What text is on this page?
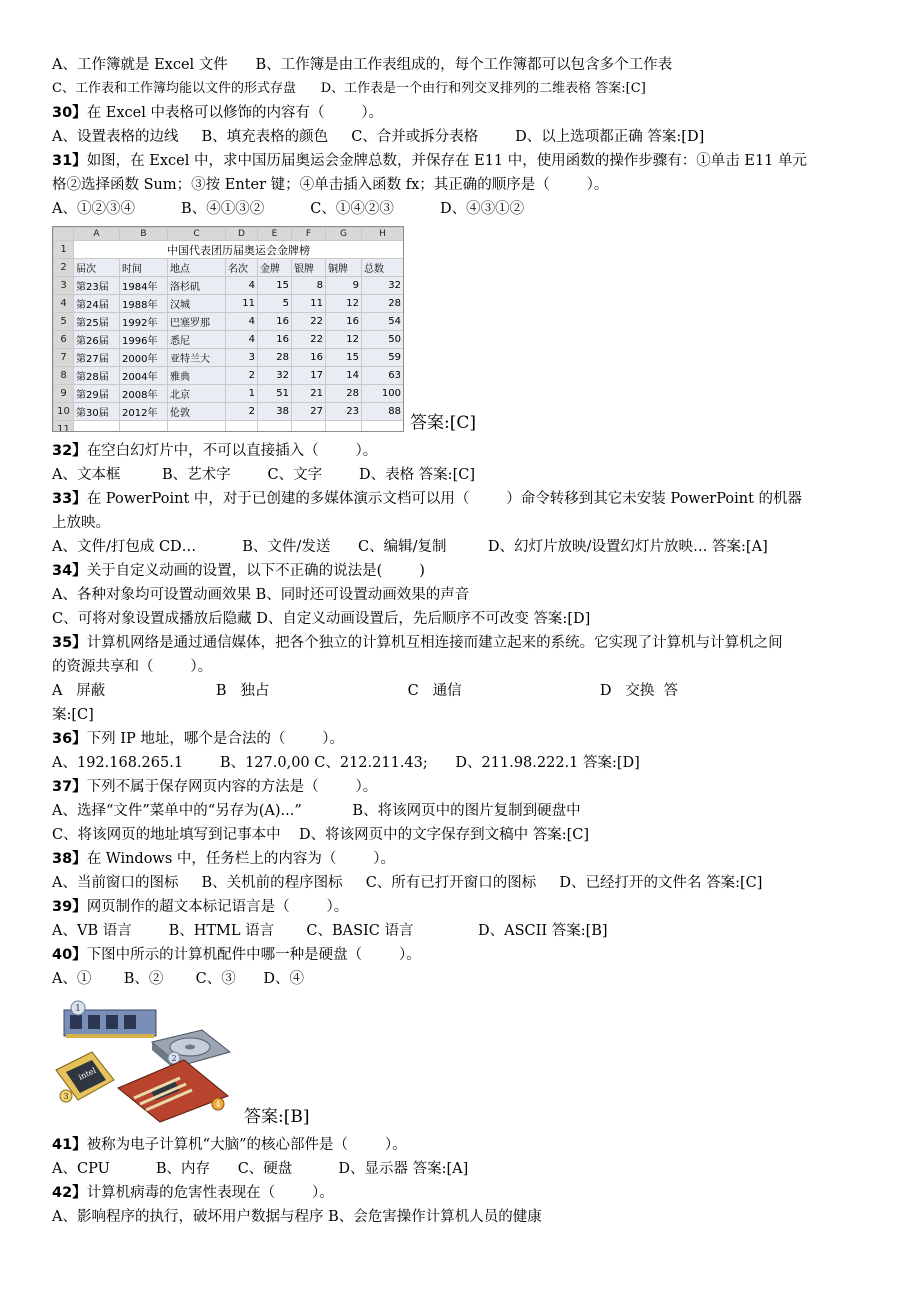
A、工作簿就是 Excel 文件      B、工作簿是由工作表组成的，每个工作簿都可以包含多个工作表
C、工作表和工作簿均能以文件的形式存盘      D、工作表是一个由行和列交叉排列的二维表格 答案:[C]
30】在 Excel 中表格可以修饰的内容有（        ）。
A、设置表格的边线     B、填充表格的颜色     C、合并或拆分表格        D、以上选项都正确 答案:[D]
31】如图，在 Excel 中，求中国历届奥运会金牌总数，并保存在 E11 中，使用函数的操作步骤有：①单击 E11 单元
格②选择函数 Sum；③按 Enter 键；④单击插入函数 fx；其正确的顺序是（        ）。
A、①②③④          B、④①③②          C、①④②③          D、④③①②
32】在空白幻灯片中，不可以直接插入（        ）。
A、文本框         B、艺术字        C、文字        D、表格 答案:[C]
33】在 PowerPoint 中，对于已创建的多媒体演示文档可以用（        ）命令转移到其它未安装 PowerPoint 的机器
上放映。
A、文件/打包成 CD…          B、文件/发送      C、编辑/复制         D、幻灯片放映/设置幻灯片放映… 答案:[A]
34】关于自定义动画的设置，以下不正确的说法是(        )
A、各种对象均可设置动画效果 B、同时还可设置动画效果的声音
C、可将对象设置成播放后隐藏 D、自定义动画设置后，先后顺序不可改变 答案:[D]
35】计算机网络是通过通信媒体，把各个独立的计算机互相连接而建立起来的系统。它实现了计算机与计算机之间
的资源共享和（        ）。
A   屏蔽                        B   独占                              C   通信                              D   交换  答
案:[C]
36】下列 IP 地址，哪个是合法的（        ）。
A、192.168.265.1        B、127.0,00 C、212.211.43;      D、211.98.222.1 答案:[D]
37】下列不属于保存网页内容的方法是（        ）。
A、选择“文件”菜单中的“另存为(A)...”           B、将该网页中的图片复制到硬盘中
C、将该网页的地址填写到记事本中    D、将该网页中的文字保存到文稿中 答案:[C]
38】在 Windows 中，任务栏上的内容为（        ）。
A、当前窗口的图标     B、关机前的程序图标     C、所有已打开窗口的图标     D、已经打开的文件名 答案:[C]
39】网页制作的超文本标记语言是（        ）。
A、VB 语言        B、HTML 语言       C、BASIC 语言              D、ASCII 答案:[B]
40】下图中所示的计算机配件中哪一种是硬盘（        ）。
A、①       B、②       C、③      D、④
41】被称为电子计算机“大脑”的核心部件是（        ）。
A、CPU          B、内存      C、硬盘          D、显示器 答案:[A]
42】计算机病毒的危害性表现在（        ）。
A、影响程序的执行，破坏用户数据与程序 B、会危害操作计算机人员的健康
	A	B	C	D	E	F	G	H	
1	中国代表团历届奥运会金牌榜								
2	届次	时间	地点	名次	金牌	银牌	铜牌	总数	
3	第23届	1984年	洛杉矶	4	15	8	9	32	
4	第24届	1988年	汉城	11	5	11	12	28	
5	第25届	1992年	巴塞罗那	4	16	22	16	54	
6	第26届	1996年	悉尼	4	16	22	12	50	
7	第27届	2000年	亚特兰大	3	28	16	15	59	
8	第28届	2004年	雅典	2	32	17	14	63	
9	第29届	2008年	北京	1	51	21	28	100	
10	第30届	2012年	伦敦	2	38	27	23	88	
11									
1
2
intel
3
4
答案:[C]
答案:[B]
